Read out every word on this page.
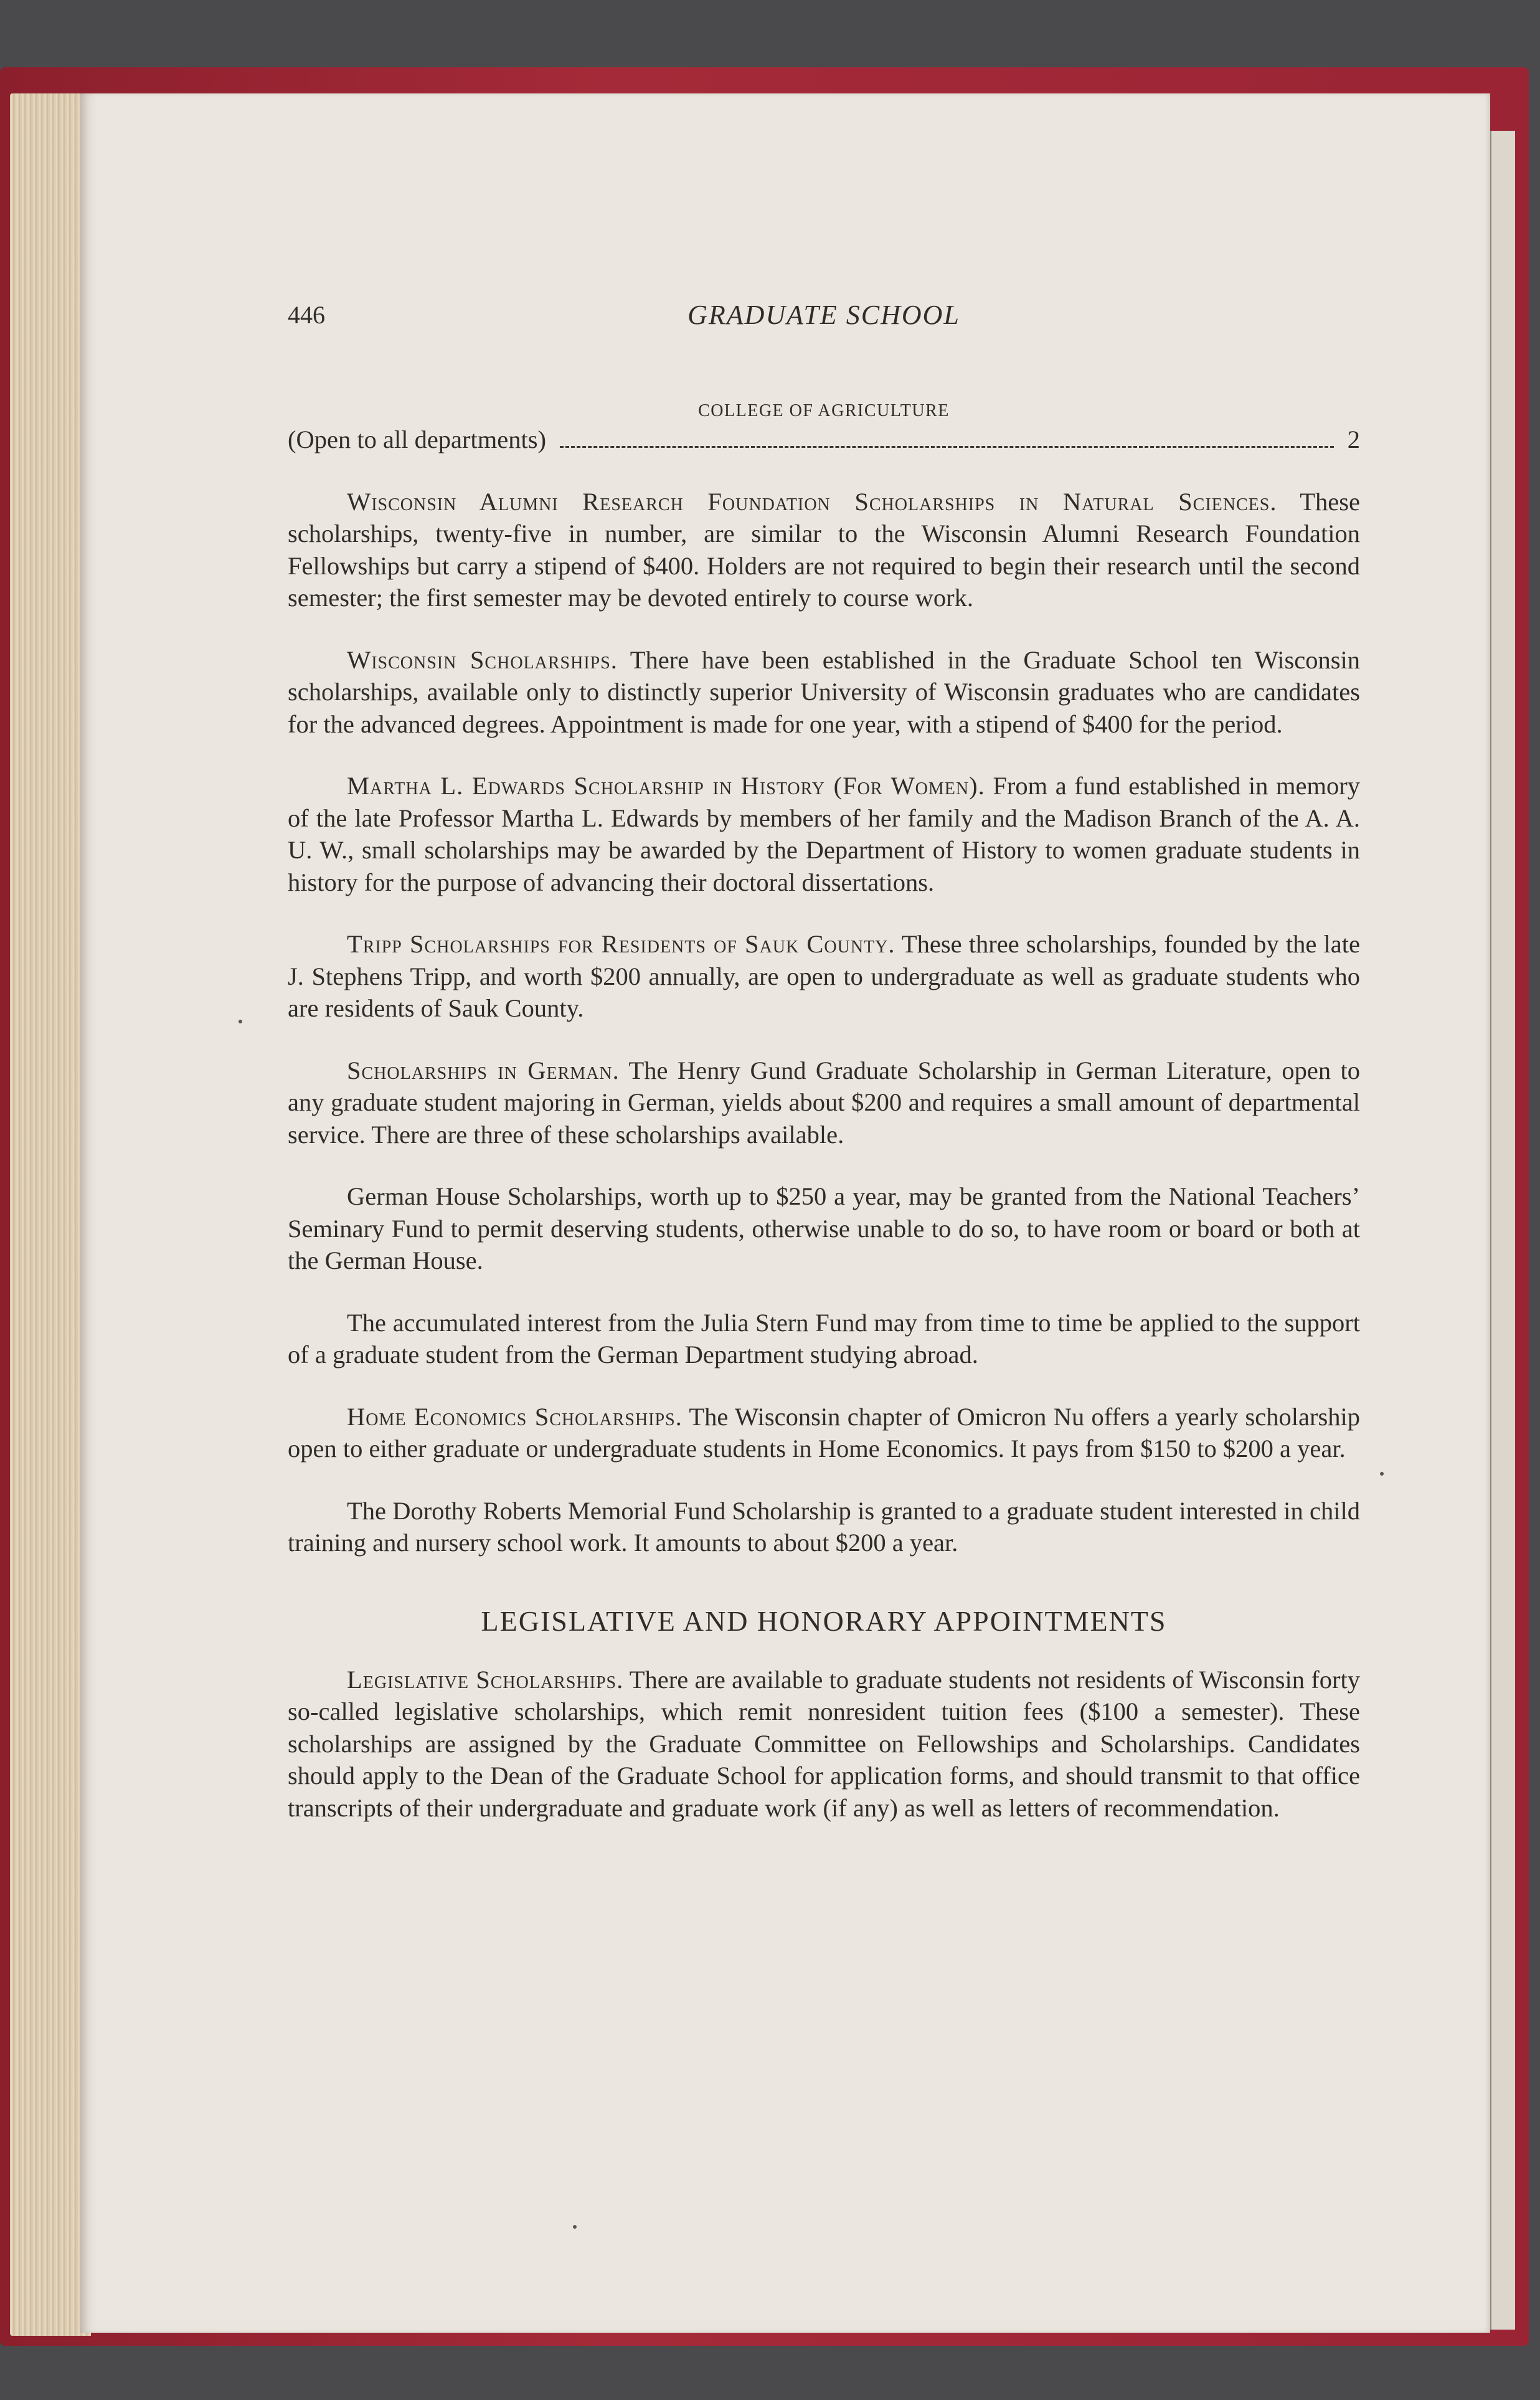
446	GRADUATE SCHOOL
COLLEGE OF AGRICULTURE
(Open to all departments)	2

Wisconsin Alumni Research Foundation Scholarships in Natural Sciences. These scholarships, twenty-five in number, are similar to the Wisconsin Alumni Research Foundation Fellowships but carry a stipend of $400. Holders are not required to begin their research until the second semester; the first semester may be devoted entirely to course work.

Wisconsin Scholarships. There have been established in the Graduate School ten Wisconsin scholarships, available only to distinctly superior University of Wisconsin graduates who are candidates for the advanced degrees. Appointment is made for one year, with a stipend of $400 for the period.

Martha L. Edwards Scholarship in History (For Women). From a fund established in memory of the late Professor Martha L. Edwards by members of her family and the Madison Branch of the A. A. U. W., small scholarships may be awarded by the Department of History to women graduate students in history for the purpose of advancing their doctoral dissertations.

Tripp Scholarships for Residents of Sauk County. These three scholarships, founded by the late J. Stephens Tripp, and worth $200 annually, are open to undergraduate as well as graduate students who are residents of Sauk County.

Scholarships in German. The Henry Gund Graduate Scholarship in German Literature, open to any graduate student majoring in German, yields about $200 and requires a small amount of departmental service. There are three of these scholarships available.

German House Scholarships, worth up to $250 a year, may be granted from the National Teachers’ Seminary Fund to permit deserving students, otherwise unable to do so, to have room or board or both at the German House.

The accumulated interest from the Julia Stern Fund may from time to time be applied to the support of a graduate student from the German Department studying abroad.

Home Economics Scholarships. The Wisconsin chapter of Omicron Nu offers a yearly scholarship open to either graduate or undergraduate students in Home Economics. It pays from $150 to $200 a year.

The Dorothy Roberts Memorial Fund Scholarship is granted to a graduate student interested in child training and nursery school work. It amounts to about $200 a year.

LEGISLATIVE AND HONORARY APPOINTMENTS

Legislative Scholarships. There are available to graduate students not residents of Wisconsin forty so-called legislative scholarships, which remit nonresident tuition fees ($100 a semester). These scholarships are assigned by the Graduate Committee on Fellowships and Scholarships. Candidates should apply to the Dean of the Graduate School for application forms, and should transmit to that office transcripts of their undergraduate and graduate work (if any) as well as letters of recommendation.
